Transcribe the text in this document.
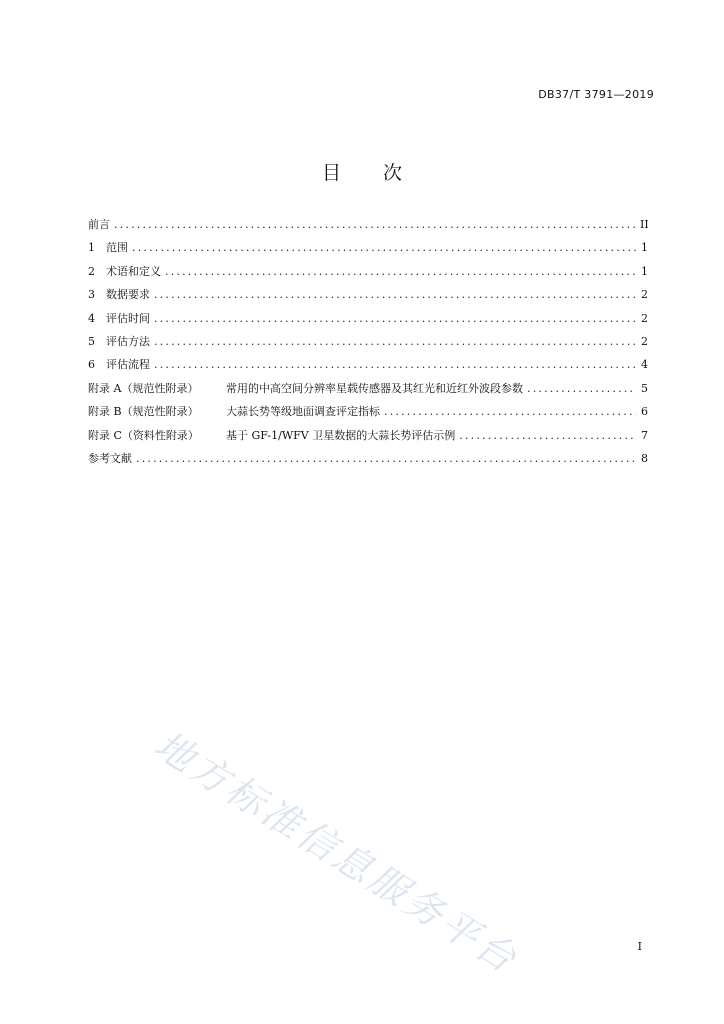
DB37/T 3791—2019
目 次
前言 .....	II
1	范围 .....	1
2	术语和定义 .....	1
3	数据要求 .....	2
4	评估时间 .....	2
5	评估方法 .....	2
6	评估流程 .....	4
附录 A（规范性附录）	常用的中高空间分辨率星载传感器及其红光和近红外波段参数 .....	5
附录 B（规范性附录）	大蒜长势等级地面调查评定指标 .....	6
附录 C（资料性附录）	基于 GF-1/WFV 卫星数据的大蒜长势评估示例 .....	7
参考文献 .....	8
地方标准信息服务平台	I
